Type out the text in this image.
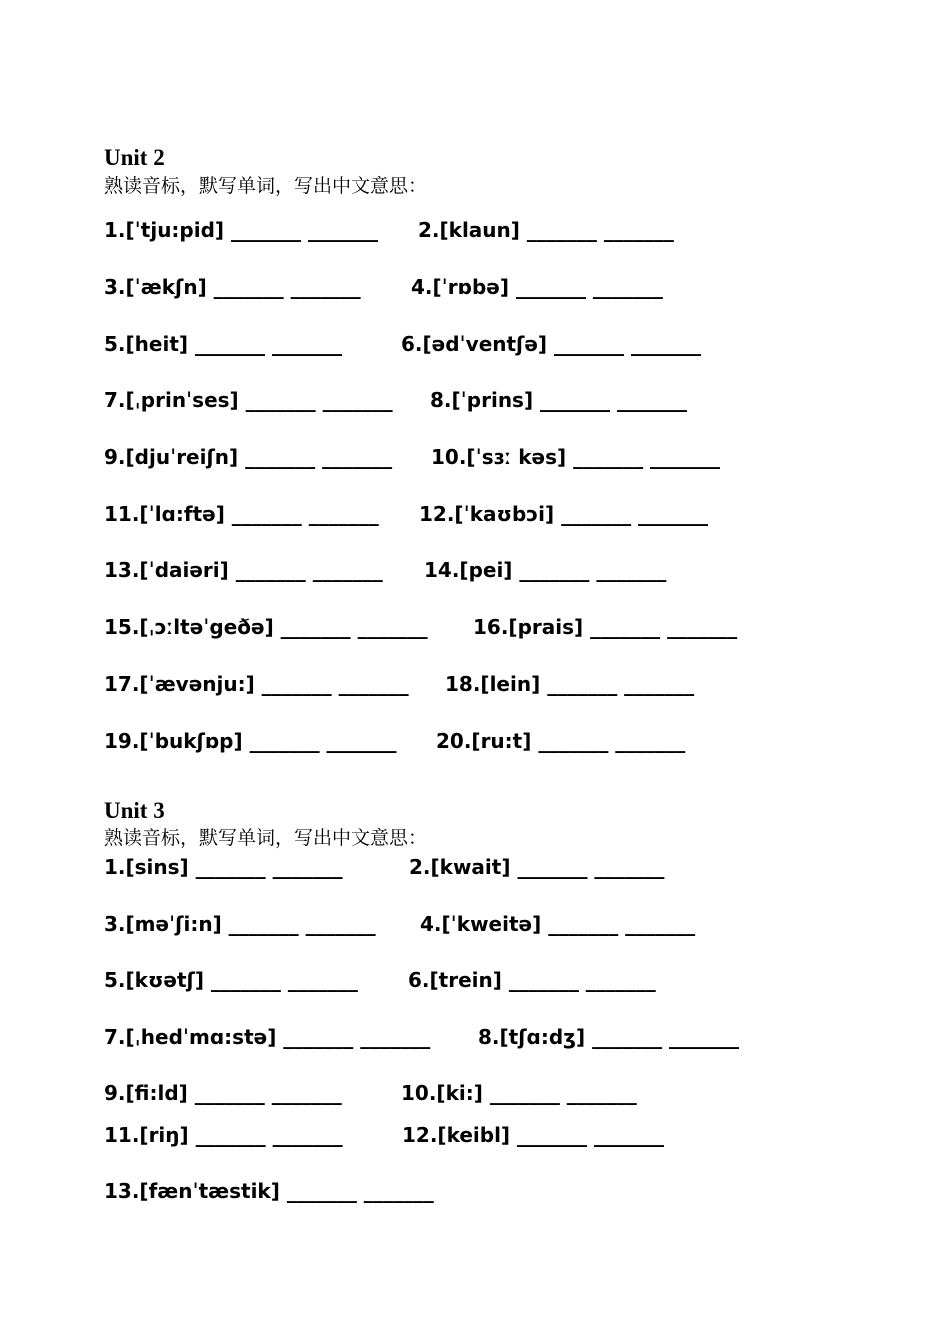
Unit 2
熟读音标，默写单词，写出中文意思：
1.[ˈtju:pid] _______ _______ 2.[klaun] _______ _______
3.[ˈækʃn] _______ _______	4.[ˈrɒbə] _______ _______
5.[heit] _______ _______	6.[ədˈventʃə] _______ _______
7.[ˌprinˈses] _______ _______ 8.[ˈprins] _______ _______
9.[djuˈreiʃn] _______ _______ 10.[ˈsɜː kəs] _______ _______
11.[ˈlɑ:ftə] _______ _______ 12.[ˈkaʊbɔi] _______ _______
13.[ˈdaiəri] _______ _______ 14.[pei] _______ _______
15.[ˌɔːltəˈgeðə] _______ _______ 16.[prais] _______ _______
17.[ˈævənju:] _______ _______ 18.[lein] _______ _______
19.[ˈbukʃɒp] _______ _______ 20.[ru:t] _______ _______
Unit 3
熟读音标，默写单词，写出中文意思：
1.[sins] _______ _______	2.[kwait] _______ _______
3.[məˈʃi:n] _______ _______ 4.[ˈkweitə] _______ _______
5.[kʊətʃ] _______ _______	6.[trein] _______ _______
7.[ˌhedˈmɑ:stə] _______ _______ 8.[tʃɑ:dʒ] _______ _______
9.[fi:ld] _______ _______	10.[ki:] _______ _______
11.[riŋ] _______ _______	12.[keibl] _______ _______
13.[fænˈtæstik] _______ _______
